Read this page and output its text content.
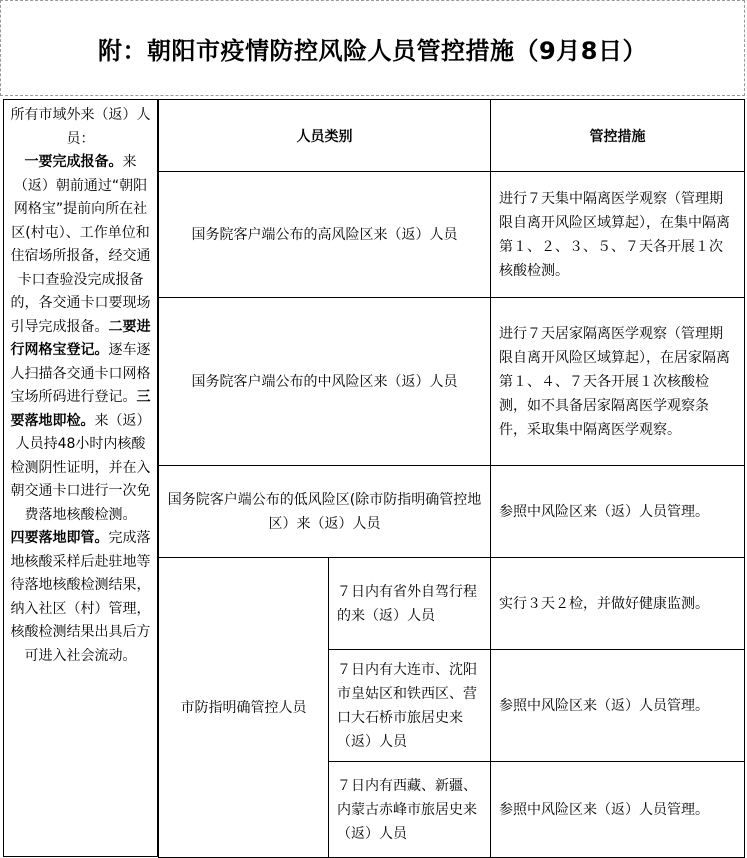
附：朝阳市疫情防控风险人员管控措施（9月8日）
所有市域外来（返）人员：
一要完成报备。来（返）朝前通过“朝阳网格宝”提前向所在社区(村屯）、工作单位和住宿场所报备，经交通卡口查验没完成报备的，各交通卡口要现场引导完成报备。二要进行网格宝登记。逐车逐人扫描各交通卡口网格宝场所码进行登记。三要落地即检。来（返）人员持48小时内核酸检测阴性证明，并在入朝交通卡口进行一次免费落地核酸检测。
四要落地即管。完成落地核酸采样后赴驻地等待落地核酸检测结果，纳入社区（村）管理，核酸检测结果出具后方可进入社会流动。
人员类别		管控措施
国务院客户端公布的高风险区来（返）人员		进行７天集中隔离医学观察（管理期限自离开风险区域算起），在集中隔离第１、２、３、５、７天各开展１次核酸检测。
国务院客户端公布的中风险区来（返）人员		进行７天居家隔离医学观察（管理期限自离开风险区域算起），在居家隔离第１、４、７天各开展１次核酸检测，如不具备居家隔离医学观察条件，采取集中隔离医学观察。
国务院客户端公布的低风险区(除市防指明确管控地区）来（返）人员		参照中风险区来（返）人员管理。
市防指明确管控人员	７日内有省外自驾行程的来（返）人员	实行３天２检，并做好健康监测。
	７日内有大连市、沈阳市皇姑区和铁西区、营口大石桥市旅居史来（返）人员	参照中风险区来（返）人员管理。
	７日内有西藏、新疆、内蒙古赤峰市旅居史来（返）人员	参照中风险区来（返）人员管理。
